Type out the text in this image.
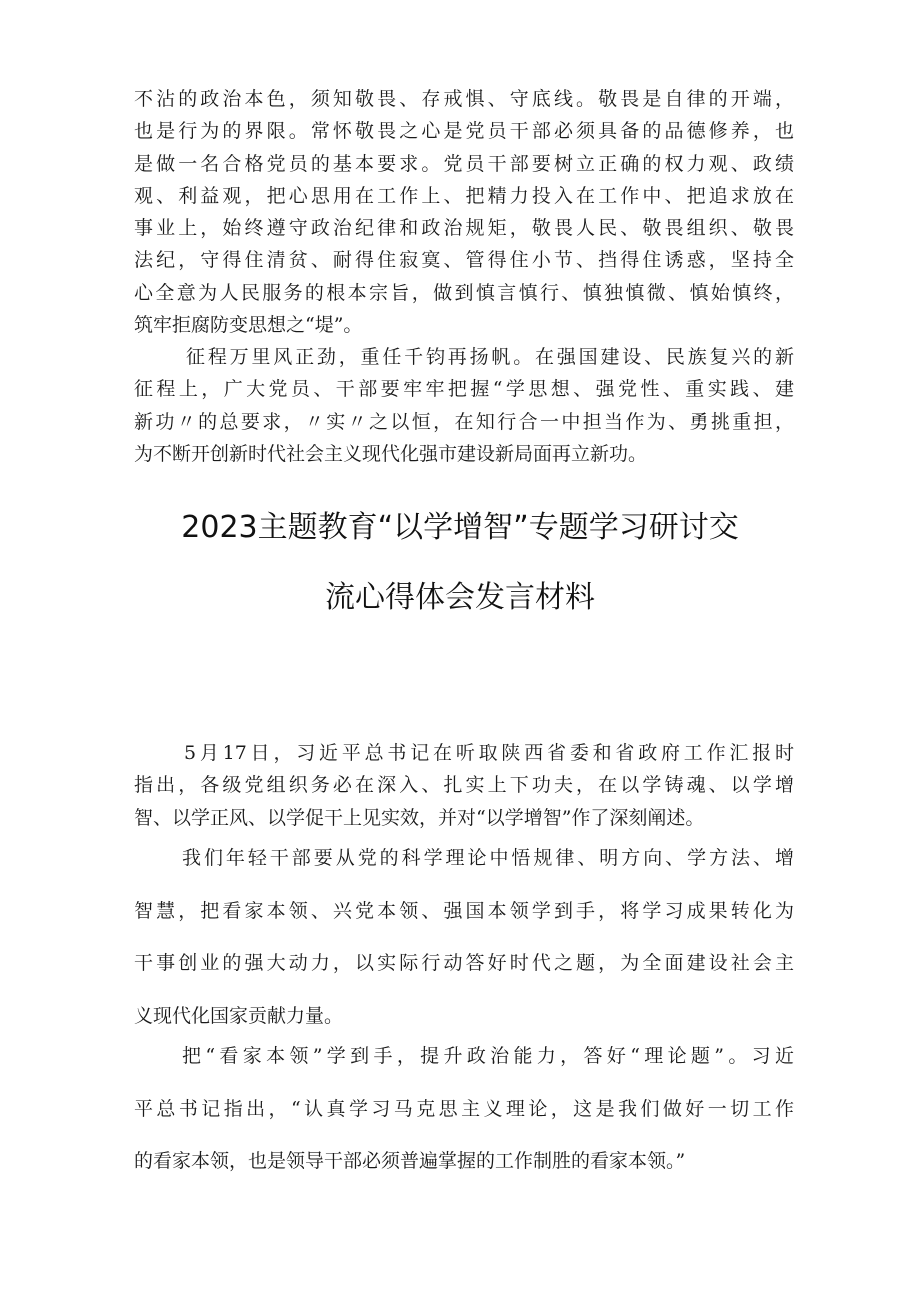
不沾的政治本色，须知敬畏、存戒惧、守底线。敬畏是自律的开端，
也是行为的界限。常怀敬畏之心是党员干部必须具备的品德修养，也
是做一名合格党员的基本要求。党员干部要树立正确的权力观、政绩
观、利益观，把心思用在工作上、把精力投入在工作中、把追求放在
事业上，始终遵守政治纪律和政治规矩，敬畏人民、敬畏组织、敬畏
法纪，守得住清贫、耐得住寂寞、管得住小节、挡得住诱惑，坚持全
心全意为人民服务的根本宗旨，做到慎言慎行、慎独慎微、慎始慎终，
筑牢拒腐防变思想之“堤”。
征程万里风正劲，重任千钧再扬帆。在强国建设、民族复兴的新
征程上，广大党员、干部要牢牢把握“学思想、强党性、重实践、建
新功〃的总要求，〃实〃之以恒，在知行合一中担当作为、勇挑重担，
为不断开创新时代社会主义现代化强市建设新局面再立新功。
2023主题教育“以学增智”专题学习研讨交
流心得体会发言材料
5月17日，习近平总书记在听取陕西省委和省政府工作汇报时
指出，各级党组织务必在深入、扎实上下功夫，在以学铸魂、以学增
智、以学正风、以学促干上见实效，并对“以学增智”作了深刻阐述。
我们年轻干部要从党的科学理论中悟规律、明方向、学方法、增
智慧，把看家本领、兴党本领、强国本领学到手，将学习成果转化为
干事创业的强大动力，以实际行动答好时代之题，为全面建设社会主
义现代化国家贡献力量。
把“看家本领”学到手，提升政治能力，答好“理论题”。习近
平总书记指出，“认真学习马克思主义理论，这是我们做好一切工作
的看家本领，也是领导干部必须普遍掌握的工作制胜的看家本领。”
